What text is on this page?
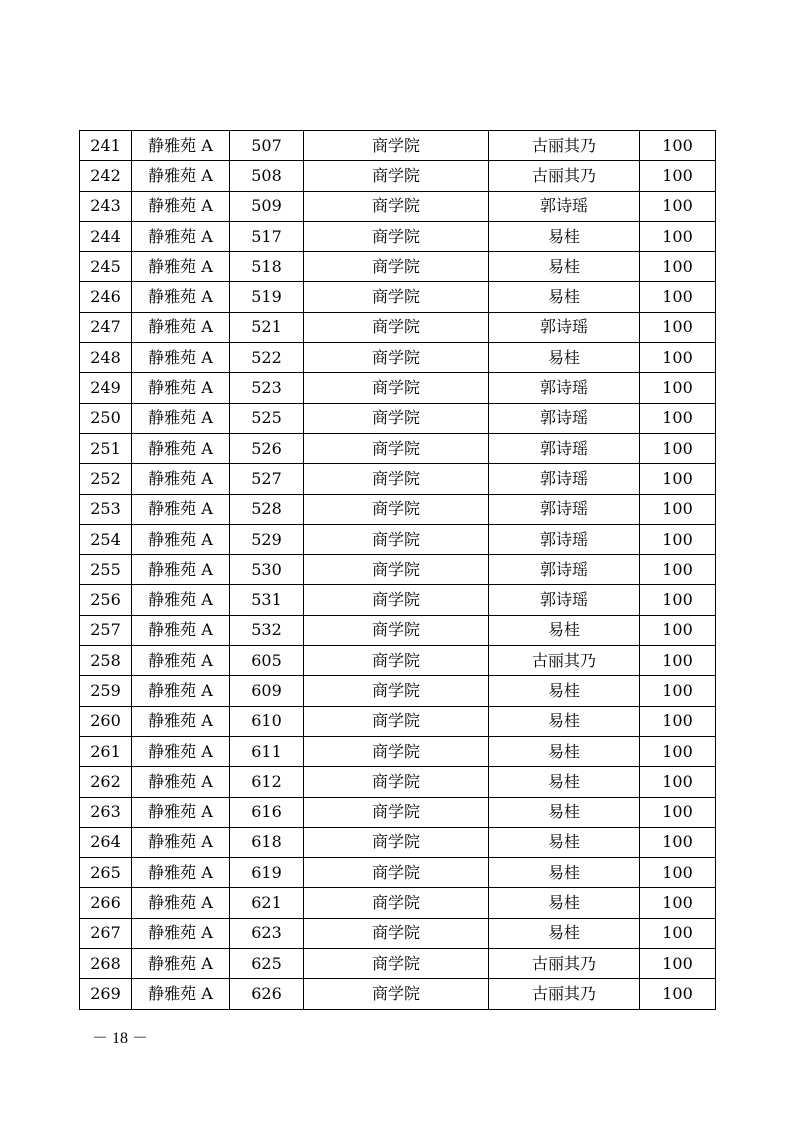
241	静雅苑 A	507	商学院	古丽其乃	100
242	静雅苑 A	508	商学院	古丽其乃	100
243	静雅苑 A	509	商学院	郭诗瑶	100
244	静雅苑 A	517	商学院	易桂	100
245	静雅苑 A	518	商学院	易桂	100
246	静雅苑 A	519	商学院	易桂	100
247	静雅苑 A	521	商学院	郭诗瑶	100
248	静雅苑 A	522	商学院	易桂	100
249	静雅苑 A	523	商学院	郭诗瑶	100
250	静雅苑 A	525	商学院	郭诗瑶	100
251	静雅苑 A	526	商学院	郭诗瑶	100
252	静雅苑 A	527	商学院	郭诗瑶	100
253	静雅苑 A	528	商学院	郭诗瑶	100
254	静雅苑 A	529	商学院	郭诗瑶	100
255	静雅苑 A	530	商学院	郭诗瑶	100
256	静雅苑 A	531	商学院	郭诗瑶	100
257	静雅苑 A	532	商学院	易桂	100
258	静雅苑 A	605	商学院	古丽其乃	100
259	静雅苑 A	609	商学院	易桂	100
260	静雅苑 A	610	商学院	易桂	100
261	静雅苑 A	611	商学院	易桂	100
262	静雅苑 A	612	商学院	易桂	100
263	静雅苑 A	616	商学院	易桂	100
264	静雅苑 A	618	商学院	易桂	100
265	静雅苑 A	619	商学院	易桂	100
266	静雅苑 A	621	商学院	易桂	100
267	静雅苑 A	623	商学院	易桂	100
268	静雅苑 A	625	商学院	古丽其乃	100
269	静雅苑 A	626	商学院	古丽其乃	100
－ 18 －
